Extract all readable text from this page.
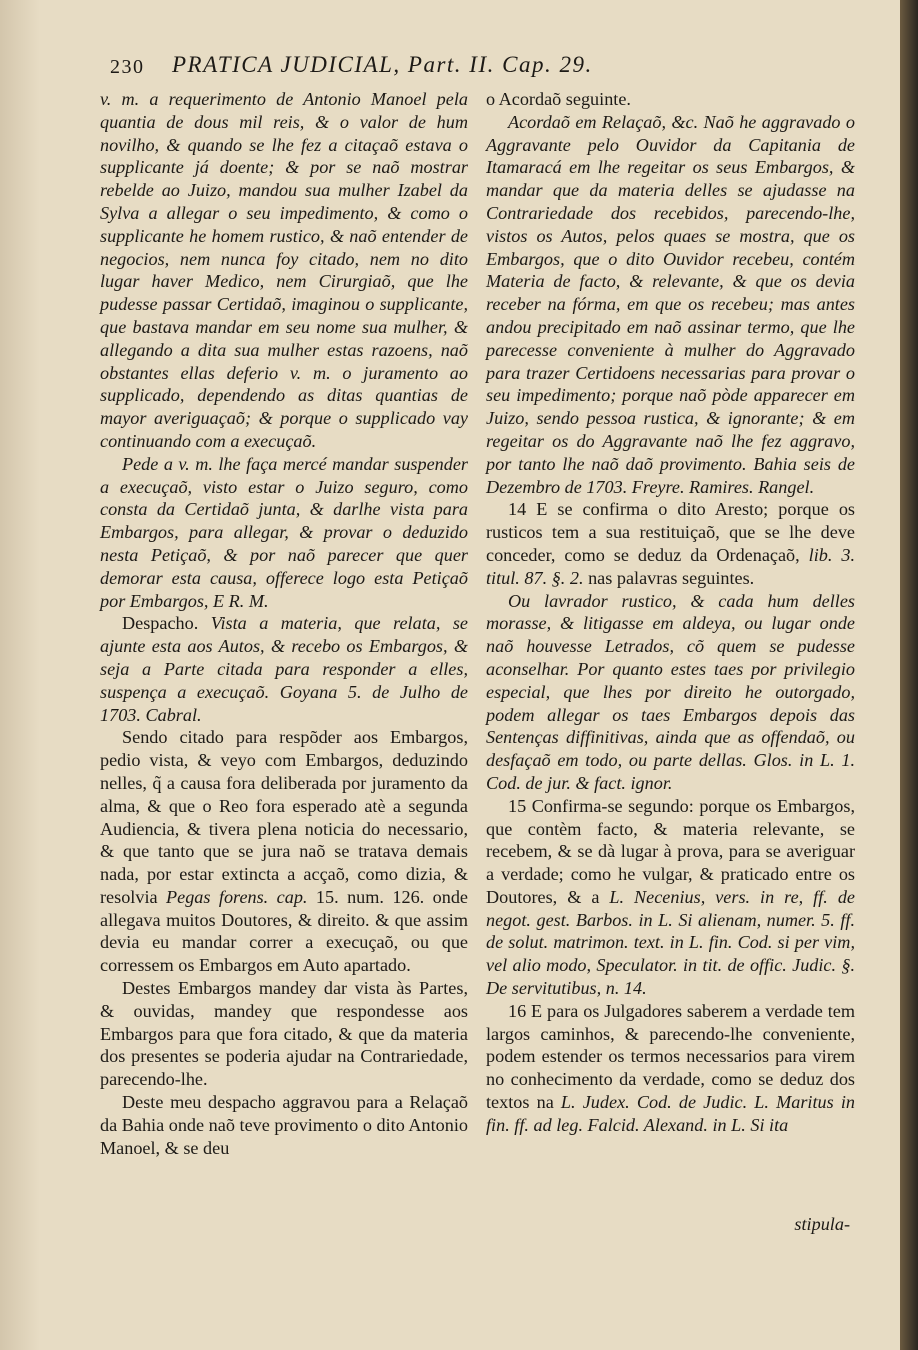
230 PRATICA JUDICIAL, Part. II. Cap. 29.

v. m. a requerimento de Antonio Manoel pela quantia de dous mil reis, & o valor de hum novilho, & quando se lhe fez a citaçaõ estava o supplicante já doente; & por se naõ mostrar rebelde ao Juizo, mandou sua mulher Izabel da Sylva a allegar o seu impedimento, & como o supplicante he homem rustico, & naõ entender de negocios, nem nunca foy citado, nem no dito lugar haver Medico, nem Cirurgiaõ, que lhe pudesse passar Certidaõ, imaginou o supplicante, que bastava mandar em seu nome sua mulher, & allegando a dita sua mulher estas razoens, naõ obstantes ellas deferio v. m. o juramento ao supplicado, dependendo as ditas quantias de mayor averiguaçaõ; & porque o supplicado vay continuando com a execuçaõ.

Pede a v. m. lhe faça mercé mandar suspender a execuçaõ, visto estar o Juizo seguro, como consta da Certidaõ junta, & darlhe vista para Embargos, para allegar, & provar o deduzido nesta Petiçaõ, & por naõ parecer que quer demorar esta causa, offerece logo esta Petiçaõ por Embargos, E R. M.

Despacho. Vista a materia, que relata, se ajunte esta aos Autos, & recebo os Embargos, & seja a Parte citada para responder a elles, suspença a execuçaõ. Goyana 5. de Julho de 1703. Cabral.

Sendo citado para respõder aos Embargos, pedio vista, & veyo com Embargos, deduzindo nelles, q̃ a causa fora deliberada por juramento da alma, & que o Reo fora esperado atè a segunda Audiencia, & tivera plena noticia do necessario, & que tanto que se jura naõ se tratava demais nada, por estar extincta a acçaõ, como dizia, & resolvia Pegas forens. cap. 15. num. 126. onde allegava muitos Doutores, & direito. & que assim devia eu mandar correr a execuçaõ, ou que corressem os Embargos em Auto apartado.

Destes Embargos mandey dar vista às Partes, & ouvidas, mandey que respondesse aos Embargos para que fora citado, & que da materia dos presentes se poderia ajudar na Contrariedade, parecendo-lhe.

Deste meu despacho aggravou para a Relaçaõ da Bahia onde naõ teve provimento o dito Antonio Manoel, & se deu

o Acordaõ seguinte.

Acordaõ em Relaçaõ, &c. Naõ he aggravado o Aggravante pelo Ouvidor da Capitania de Itamaracá em lhe regeitar os seus Embargos, & mandar que da materia delles se ajudasse na Contrariedade dos recebidos, parecendo-lhe, vistos os Autos, pelos quaes se mostra, que os Embargos, que o dito Ouvidor recebeu, contém Materia de facto, & relevante, & que os devia receber na fórma, em que os recebeu; mas antes andou precipitado em naõ assinar termo, que lhe parecesse conveniente à mulher do Aggravado para trazer Certidoens necessarias para provar o seu impedimento; porque naõ pòde apparecer em Juizo, sendo pessoa rustica, & ignorante; & em regeitar os do Aggravante naõ lhe fez aggravo, por tanto lhe naõ daõ provimento. Bahia seis de Dezembro de 1703. Freyre. Ramires. Rangel.

14 E se confirma o dito Aresto; porque os rusticos tem a sua restituiçaõ, que se lhe deve conceder, como se deduz da Ordenaçaõ, lib. 3. titul. 87. §. 2. nas palavras seguintes.

Ou lavrador rustico, & cada hum delles morasse, & litigasse em aldeya, ou lugar onde naõ houvesse Letrados, cõ quem se pudesse aconselhar. Por quanto estes taes por privilegio especial, que lhes por direito he outorgado, podem allegar os taes Embargos depois das Sentenças diffinitivas, ainda que as offendaõ, ou desfaçaõ em todo, ou parte dellas. Glos. in L. 1. Cod. de jur. & fact. ignor.

15 Confirma-se segundo: porque os Embargos, que contèm facto, & materia relevante, se recebem, & se dà lugar à prova, para se averiguar a verdade; como he vulgar, & praticado entre os Doutores, & a L. Necenius, vers. in re, ff. de negot. gest. Barbos. in L. Si alienam, numer. 5. ff. de solut. matrimon. text. in L. fin. Cod. si per vim, vel alio modo, Speculator. in tit. de offic. Judic. §. De servitutibus, n. 14.

16 E para os Julgadores saberem a verdade tem largos caminhos, & parecendo-lhe conveniente, podem estender os termos necessarios para virem no conhecimento da verdade, como se deduz dos textos na L. Judex. Cod. de Judic. L. Maritus in fin. ff. ad leg. Falcid. Alexand. in L. Si ita

stipula-
